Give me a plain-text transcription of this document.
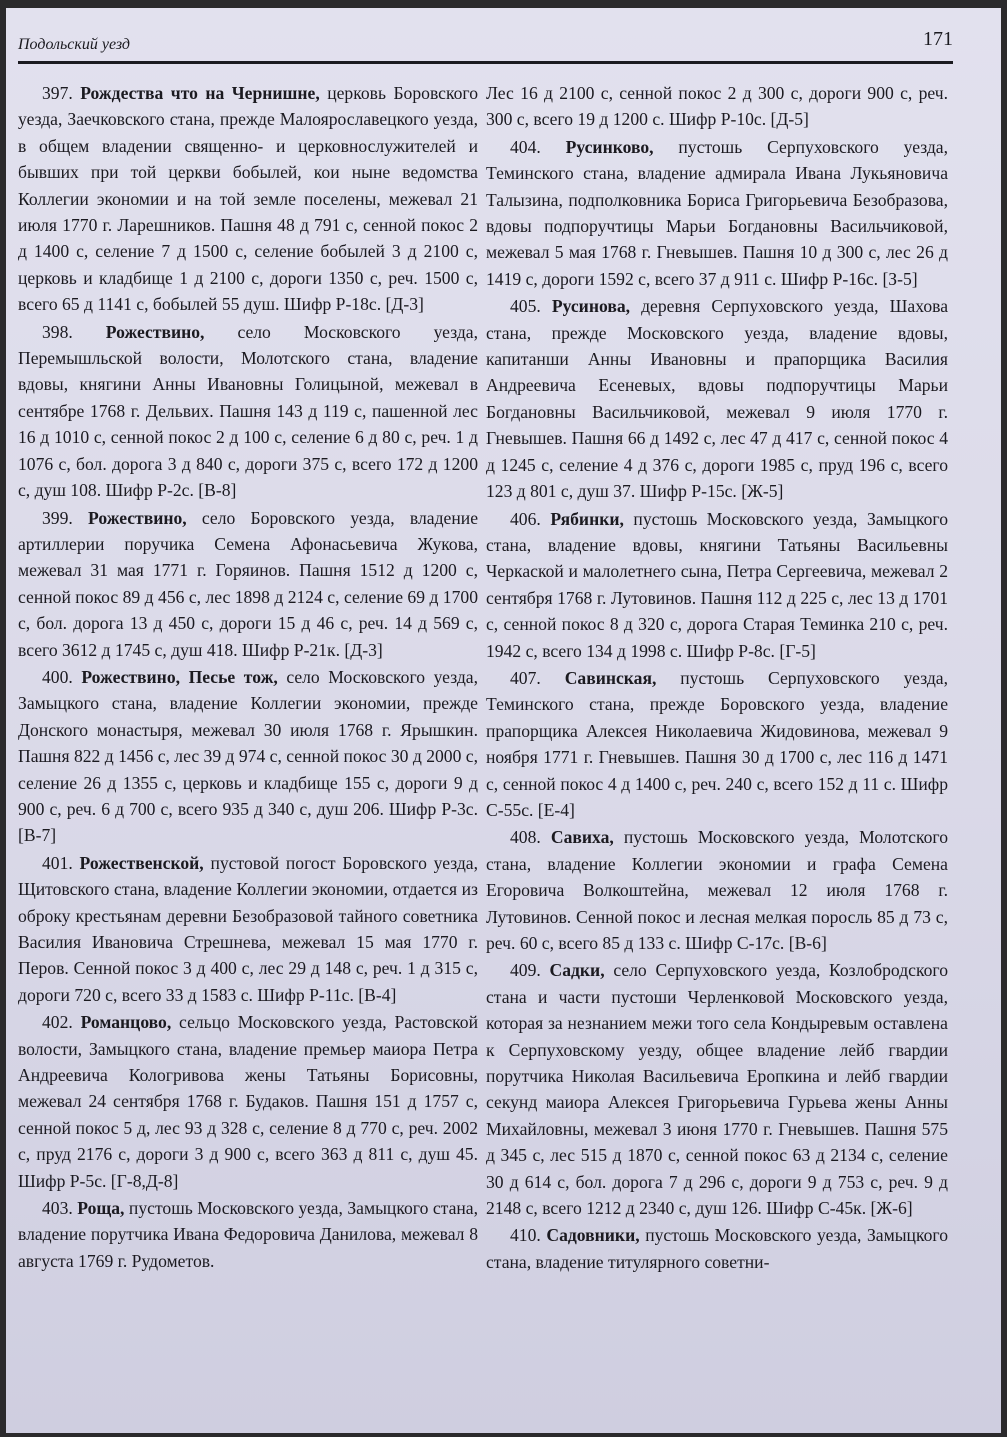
Подольский уезд	171

397. Рождества что на Чернишне, церковь Боровского уезда, Заечковского стана, прежде Малоярославецкого уезда, в общем владении священно- и церковнослужителей и бывших при той церкви бобылей, кои ныне ведомства Коллегии экономии и на той земле поселены, межевал 21 июля 1770 г. Ларешников. Пашня 48 д 791 с, сенной покос 2 д 1400 с, селение 7 д 1500 с, селение бобылей 3 д 2100 с, церковь и кладбище 1 д 2100 с, дороги 1350 с, реч. 1500 с, всего 65 д 1141 с, бобылей 55 душ. Шифр Р-18с. [Д-3]

398. Рожествино, село Московского уезда, Перемышльской волости, Молотского стана, владение вдовы, княгини Анны Ивановны Голицыной, межевал в сентябре 1768 г. Дельвих. Пашня 143 д 119 с, пашенной лес 16 д 1010 с, сенной покос 2 д 100 с, селение 6 д 80 с, реч. 1 д 1076 с, бол. дорога 3 д 840 с, дороги 375 с, всего 172 д 1200 с, душ 108. Шифр Р-2с. [В-8]

399. Рожествино, село Боровского уезда, владение артиллерии поручика Семена Афонасьевича Жукова, межевал 31 мая 1771 г. Горяинов. Пашня 1512 д 1200 с, сенной покос 89 д 456 с, лес 1898 д 2124 с, селение 69 д 1700 с, бол. дорога 13 д 450 с, дороги 15 д 46 с, реч. 14 д 569 с, всего 3612 д 1745 с, душ 418. Шифр Р-21к. [Д-3]

400. Рожествино, Песье тож, село Московского уезда, Замыцкого стана, владение Коллегии экономии, прежде Донского монастыря, межевал 30 июля 1768 г. Ярышкин. Пашня 822 д 1456 с, лес 39 д 974 с, сенной покос 30 д 2000 с, селение 26 д 1355 с, церковь и кладбище 155 с, дороги 9 д 900 с, реч. 6 д 700 с, всего 935 д 340 с, душ 206. Шифр Р-3с. [В-7]

401. Рожественской, пустовой погост Боровского уезда, Щитовского стана, владение Коллегии экономии, отдается из оброку крестьянам деревни Безобразовой тайного советника Василия Ивановича Стрешнева, межевал 15 мая 1770 г. Перов. Сенной покос 3 д 400 с, лес 29 д 148 с, реч. 1 д 315 с, дороги 720 с, всего 33 д 1583 с. Шифр Р-11с. [В-4]

402. Романцово, сельцо Московского уезда, Растовской волости, Замыцкого стана, владение премьер маиора Петра Андреевича Кологривова жены Татьяны Борисовны, межевал 24 сентября 1768 г. Будаков. Пашня 151 д 1757 с, сенной покос 5 д, лес 93 д 328 с, селение 8 д 770 с, реч. 2002 с, пруд 2176 с, дороги 3 д 900 с, всего 363 д 811 с, душ 45. Шифр Р-5с. [Г-8,Д-8]

403. Роща, пустошь Московского уезда, Замыцкого стана, владение порутчика Ивана Федоровича Данилова, межевал 8 августа 1769 г. Рудометов.

Лес 16 д 2100 с, сенной покос 2 д 300 с, дороги 900 с, реч. 300 с, всего 19 д 1200 с. Шифр Р-10с. [Д-5]

404. Русинково, пустошь Серпуховского уезда, Теминского стана, владение адмирала Ивана Лукьяновича Талызина, подполковника Бориса Григорьевича Безобразова, вдовы подпоручтицы Марьи Богдановны Васильчиковой, межевал 5 мая 1768 г. Гневышев. Пашня 10 д 300 с, лес 26 д 1419 с, дороги 1592 с, всего 37 д 911 с. Шифр Р-16с. [З-5]

405. Русинова, деревня Серпуховского уезда, Шахова стана, прежде Московского уезда, владение вдовы, капитанши Анны Ивановны и прапорщика Василия Андреевича Есеневых, вдовы подпоручтицы Марьи Богдановны Васильчиковой, межевал 9 июля 1770 г. Гневышев. Пашня 66 д 1492 с, лес 47 д 417 с, сенной покос 4 д 1245 с, селение 4 д 376 с, дороги 1985 с, пруд 196 с, всего 123 д 801 с, душ 37. Шифр Р-15с. [Ж-5]

406. Рябинки, пустошь Московского уезда, Замыцкого стана, владение вдовы, княгини Татьяны Васильевны Черкаской и малолетнего сына, Петра Сергеевича, межевал 2 сентября 1768 г. Лутовинов. Пашня 112 д 225 с, лес 13 д 1701 с, сенной покос 8 д 320 с, дорога Старая Теминка 210 с, реч. 1942 с, всего 134 д 1998 с. Шифр Р-8с. [Г-5]

407. Савинская, пустошь Серпуховского уезда, Теминского стана, прежде Боровского уезда, владение прапорщика Алексея Николаевича Жидовинова, межевал 9 ноября 1771 г. Гневышев. Пашня 30 д 1700 с, лес 116 д 1471 с, сенной покос 4 д 1400 с, реч. 240 с, всего 152 д 11 с. Шифр С-55с. [Е-4]

408. Савиха, пустошь Московского уезда, Молотского стана, владение Коллегии экономии и графа Семена Егоровича Волкоштейна, межевал 12 июля 1768 г. Лутовинов. Сенной покос и лесная мелкая поросль 85 д 73 с, реч. 60 с, всего 85 д 133 с. Шифр С-17с. [В-6]

409. Садки, село Серпуховского уезда, Козлобродского стана и части пустоши Черленковой Московского уезда, которая за незнанием межи того села Кондыревым оставлена к Серпуховскому уезду, общее владение лейб гвардии порутчика Николая Васильевича Еропкина и лейб гвардии секунд маиора Алексея Григорьевича Гурьева жены Анны Михайловны, межевал 3 июня 1770 г. Гневышев. Пашня 575 д 345 с, лес 515 д 1870 с, сенной покос 63 д 2134 с, селение 30 д 614 с, бол. дорога 7 д 296 с, дороги 9 д 753 с, реч. 9 д 2148 с, всего 1212 д 2340 с, душ 126. Шифр С-45к. [Ж-6]

410. Садовники, пустошь Московского уезда, Замыцкого стана, владение титулярного советни-
